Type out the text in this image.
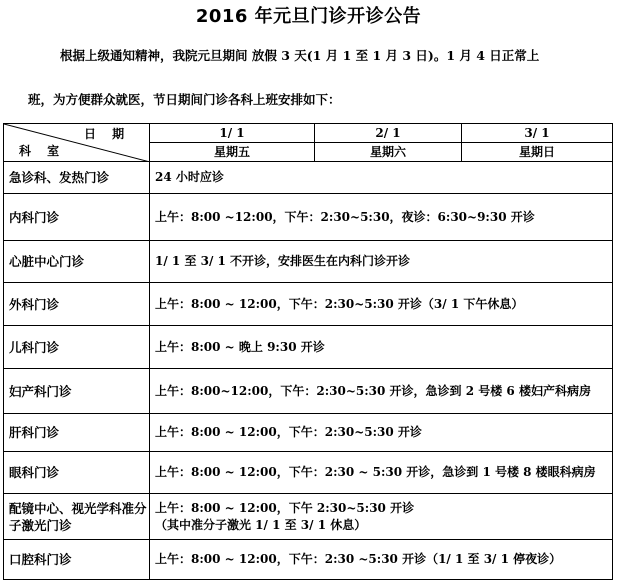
2016 年元旦门诊开诊公告
根据上级通知精神，我院元旦期间 放假 3 天(1 月 1 至 1 月 3 日)。1 月 4 日正常上
班，为方便群众就医，节日期间门诊各科上班安排如下：
日 期
科 室	1/ 1	2/ 1	3/ 1
	星期五	星期六	星期日
急诊科、发热门诊	24 小时应诊		
内科门诊	上午：8:00 ~12:00，下午：2:30~5:30，夜诊：6:30~9:30 开诊		
心脏中心门诊	1/ 1 至 3/ 1 不开诊，安排医生在内科门诊开诊		
外科门诊	上午：8:00 ~ 12:00，下午：2:30~5:30 开诊（3/ 1 下午休息）		
儿科门诊	上午：8:00 ~ 晚上 9:30 开诊		
妇产科门诊	上午：8:00~12:00，下午：2:30~5:30 开诊，急诊到 2 号楼 6 楼妇产科病房		
肝科门诊	上午：8:00 ~ 12:00，下午：2:30~5:30 开诊		
眼科门诊	上午：8:00 ~ 12:00，下午：2:30 ~ 5:30 开诊，急诊到 1 号楼 8 楼眼科病房		
配镜中心、视光学科准分子激光门诊	上午：8:00 ~ 12:00，下午 2:30~5:30 开诊
（其中准分子激光 1/ 1 至 3/ 1 休息）		
口腔科门诊	上午：8:00 ~ 12:00，下午：2:30 ~5:30 开诊（1/ 1 至 3/ 1 停夜诊）		
